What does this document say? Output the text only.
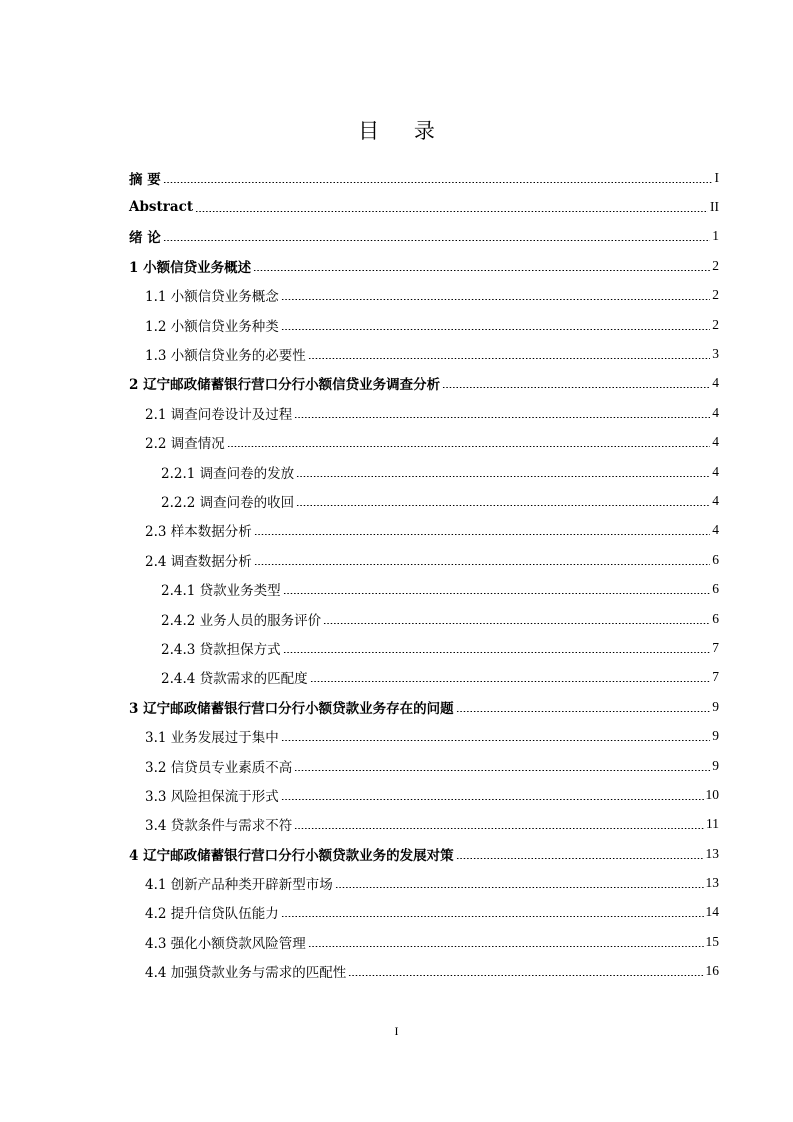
目 录
摘 要	I
Abstract	II
绪 论	1
1 小额信贷业务概述	2
1.1 小额信贷业务概念	2
1.2 小额信贷业务种类	2
1.3 小额信贷业务的必要性	3
2 辽宁邮政储蓄银行营口分行小额信贷业务调查分析	4
2.1 调查问卷设计及过程	4
2.2 调查情况	4
2.2.1 调查问卷的发放	4
2.2.2 调查问卷的收回	4
2.3 样本数据分析	4
2.4 调查数据分析	6
2.4.1 贷款业务类型	6
2.4.2 业务人员的服务评价	6
2.4.3 贷款担保方式	7
2.4.4 贷款需求的匹配度	7
3 辽宁邮政储蓄银行营口分行小额贷款业务存在的问题	9
3.1 业务发展过于集中	9
3.2 信贷员专业素质不高	9
3.3 风险担保流于形式	10
3.4 贷款条件与需求不符	11
4 辽宁邮政储蓄银行营口分行小额贷款业务的发展对策	13
4.1 创新产品种类开辟新型市场	13
4.2 提升信贷队伍能力	14
4.3 强化小额贷款风险管理	15
4.4 加强贷款业务与需求的匹配性	16
I
